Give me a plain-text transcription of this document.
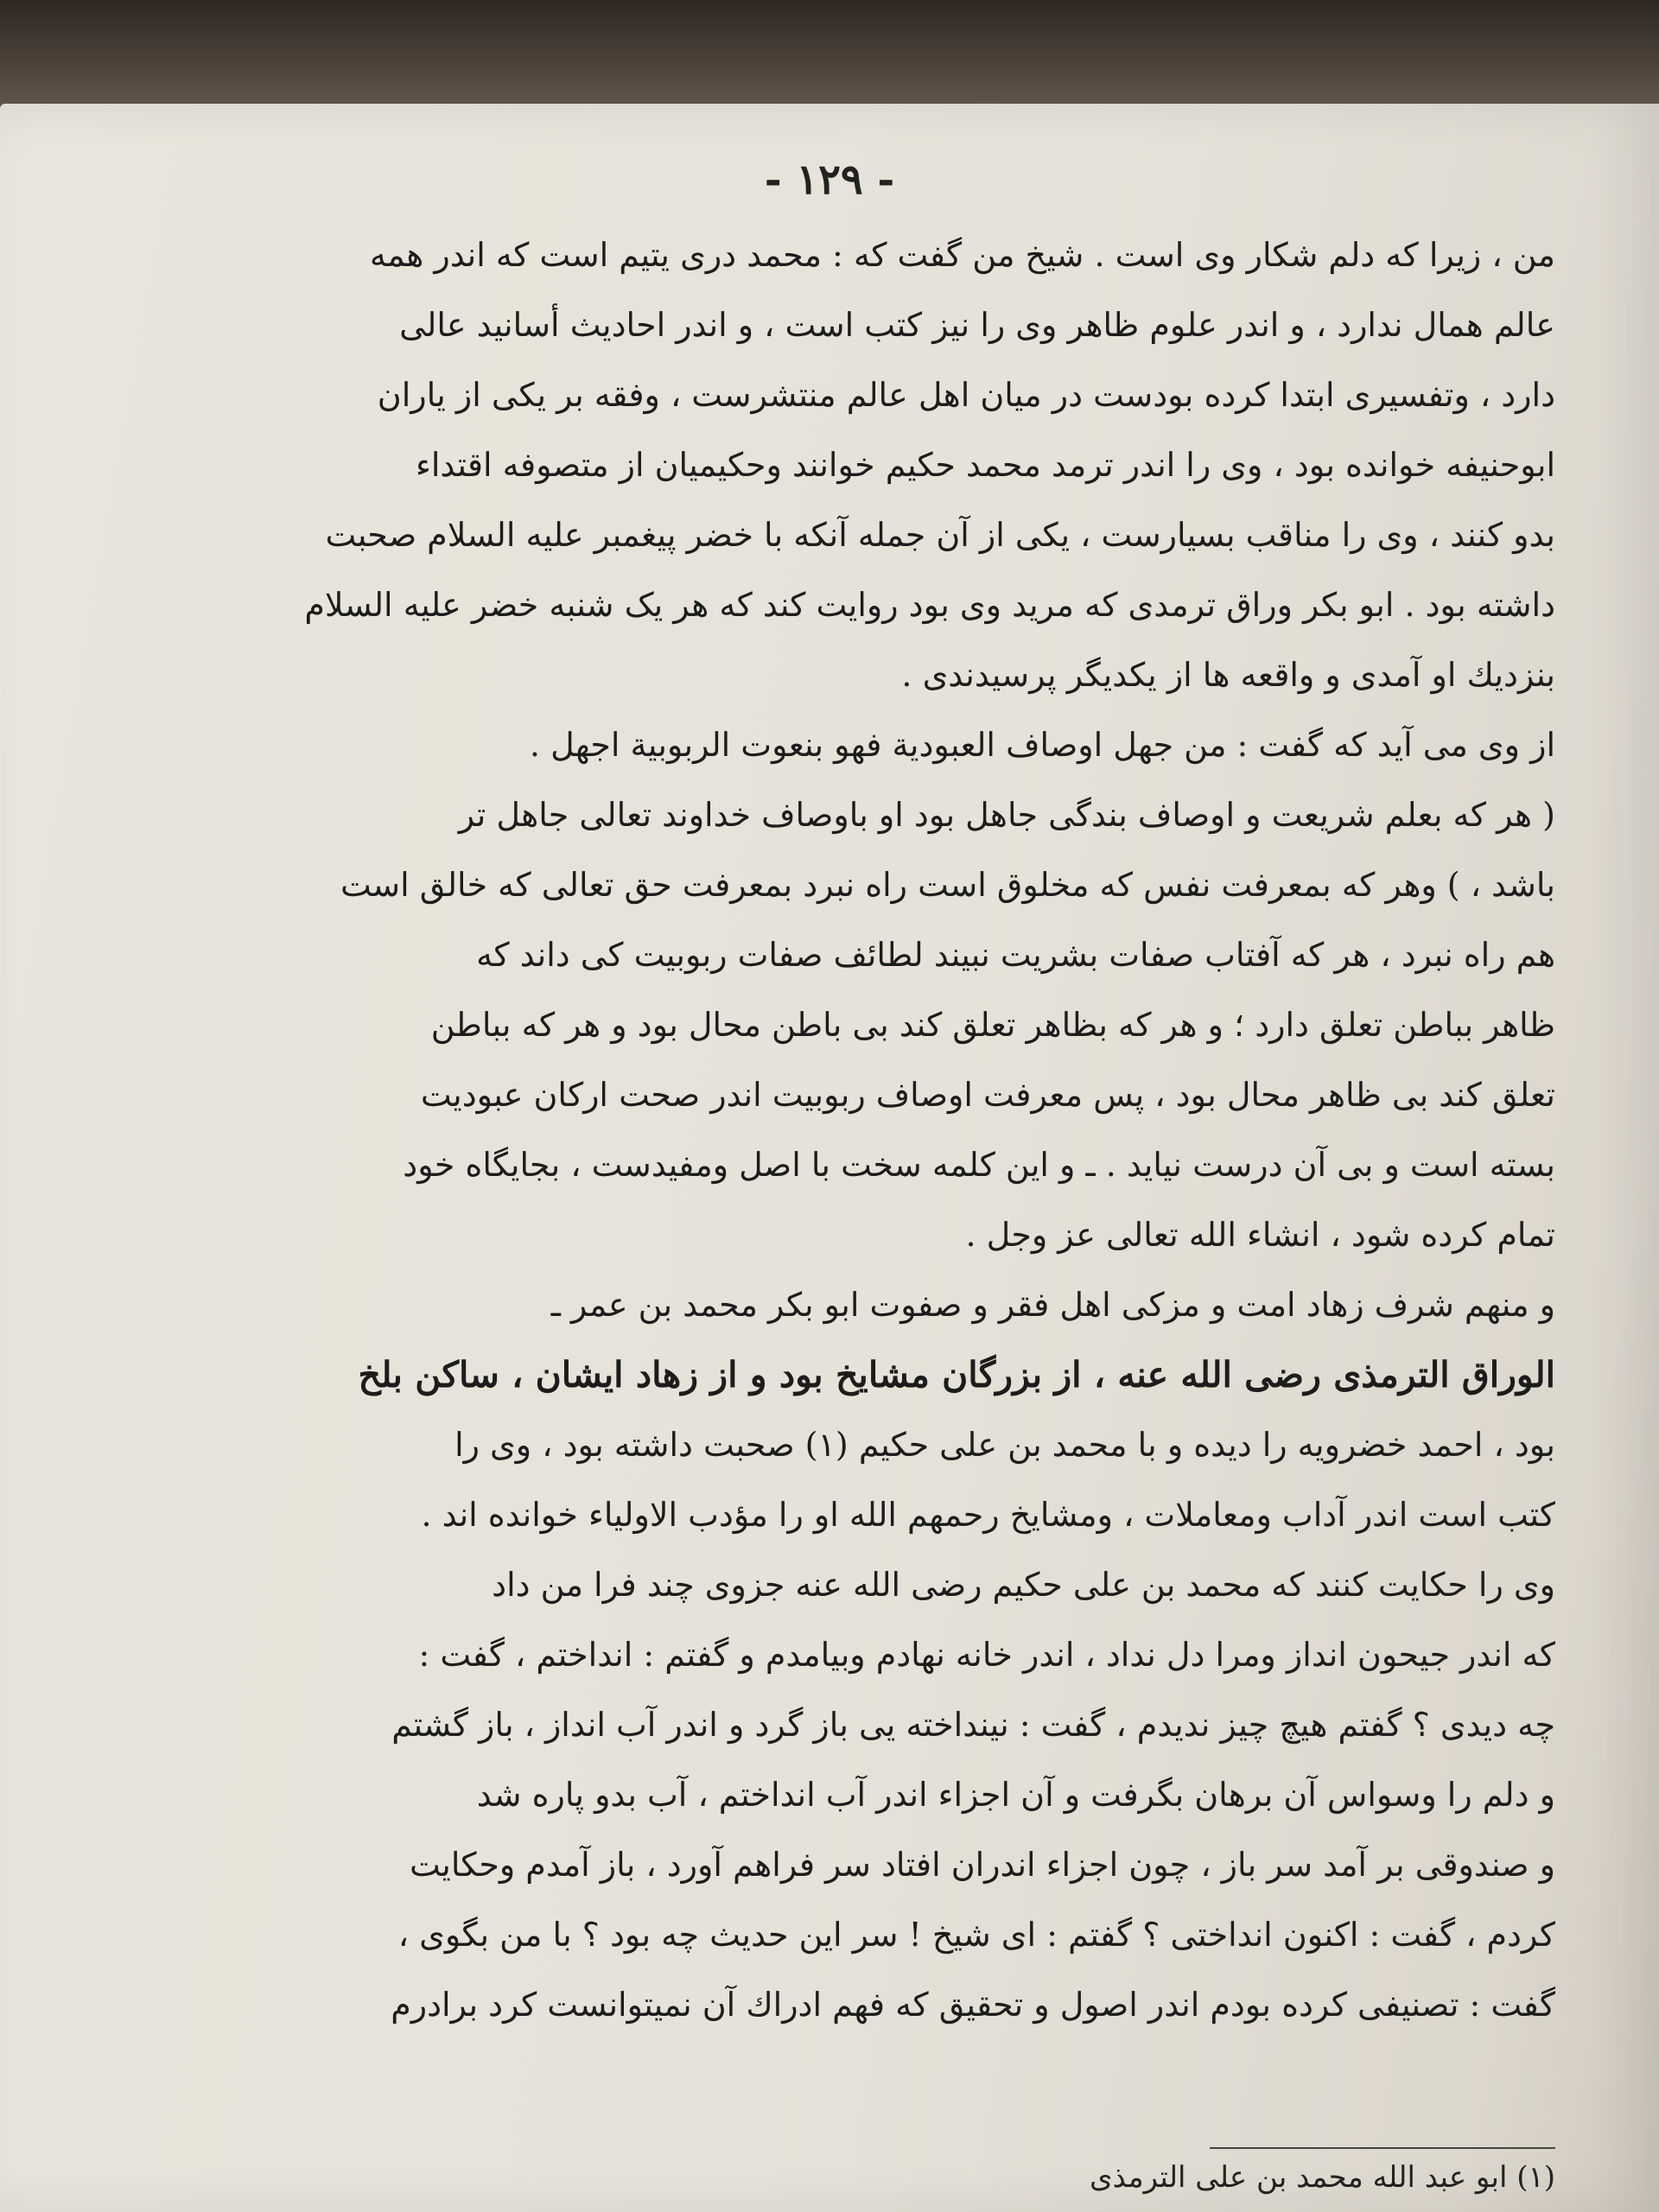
- ۱۲۹ -
من ، زیرا که دلم شکار وی است . شیخ من گفت که : محمد دری یتیم است که اندر همه
عالم همال ندارد ، و اندر علوم ظاهر وی را نیز کتب است ، و اندر احادیث أسانید عالی
دارد ، وتفسیری ابتدا کرده بودست در میان اهل عالم منتشرست ، وفقه بر یکی از یاران
ابوحنیفه خوانده بود ، وی را اندر ترمد محمد حکیم خوانند وحکیمیان از متصوفه اقتداء
بدو کنند ، وی را مناقب بسیارست ، یکی از آن جمله آنکه با خضر پیغمبر علیه السلام صحبت
داشته بود . ابو بکر وراق ترمدی که مرید وی بود روایت کند که هر یک شنبه خضر علیه السلام
بنزدیك او آمدی و واقعه ها از یکدیگر پرسیدندی .
از وی می آید که گفت : من جهل اوصاف العبودیة فهو بنعوت الربوبیة اجهل .
( هر که بعلم شریعت و اوصاف بندگی جاهل بود او باوصاف خداوند تعالی جاهل تر
باشد ، ) وهر که بمعرفت نفس که مخلوق است راه نبرد بمعرفت حق تعالی که خالق است
هم راه نبرد ، هر که آفتاب صفات بشریت نبیند لطائف صفات ربوبیت کی داند که
ظاهر بباطن تعلق دارد ؛ و هر که بظاهر تعلق کند بی باطن محال بود و هر که بباطن
تعلق کند بی ظاهر محال بود ، پس معرفت اوصاف ربوبیت اندر صحت ارکان عبودیت
بسته است و بی آن درست نیاید . ـ و این کلمه سخت با اصل ومفیدست ، بجایگاه خود
تمام کرده شود ، انشاء الله تعالی عز وجل .
و منهم شرف زهاد امت و مزکی اهل فقر و صفوت ابو بکر محمد بن عمر ـ
الوراق الترمذی رضی الله عنه ، از بزرگان مشایخ بود و از زهاد ایشان ، ساکن بلخ
بود ، احمد خضرویه را دیده و با محمد بن علی حکیم (۱) صحبت داشته بود ، وی را
کتب است اندر آداب ومعاملات ، ومشایخ رحمهم الله او را مؤدب الاولیاء خوانده اند .
وی را حکایت کنند که محمد بن علی حکیم رضی الله عنه جزوی چند فرا من داد
که اندر جیحون انداز ومرا دل نداد ، اندر خانه نهادم وبیامدم و گفتم : انداختم ، گفت :
چه دیدی ؟ گفتم هیچ چیز ندیدم ، گفت : نینداخته یی باز گرد و اندر آب انداز ، باز گشتم
و دلم را وسواس آن برهان بگرفت و آن اجزاء اندر آب انداختم ، آب بدو پاره شد
و صندوقی بر آمد سر باز ، چون اجزاء اندران افتاد سر فراهم آورد ، باز آمدم وحکایت
کردم ، گفت : اکنون انداختی ؟ گفتم : ای شیخ ! سر این حدیث چه بود ؟ با من بگوی ،
گفت : تصنیفی کرده بودم اندر اصول و تحقیق که فهم ادراك آن نمیتوانست کرد برادرم
(۱) ابو عبد الله محمد بن علی الترمذی
